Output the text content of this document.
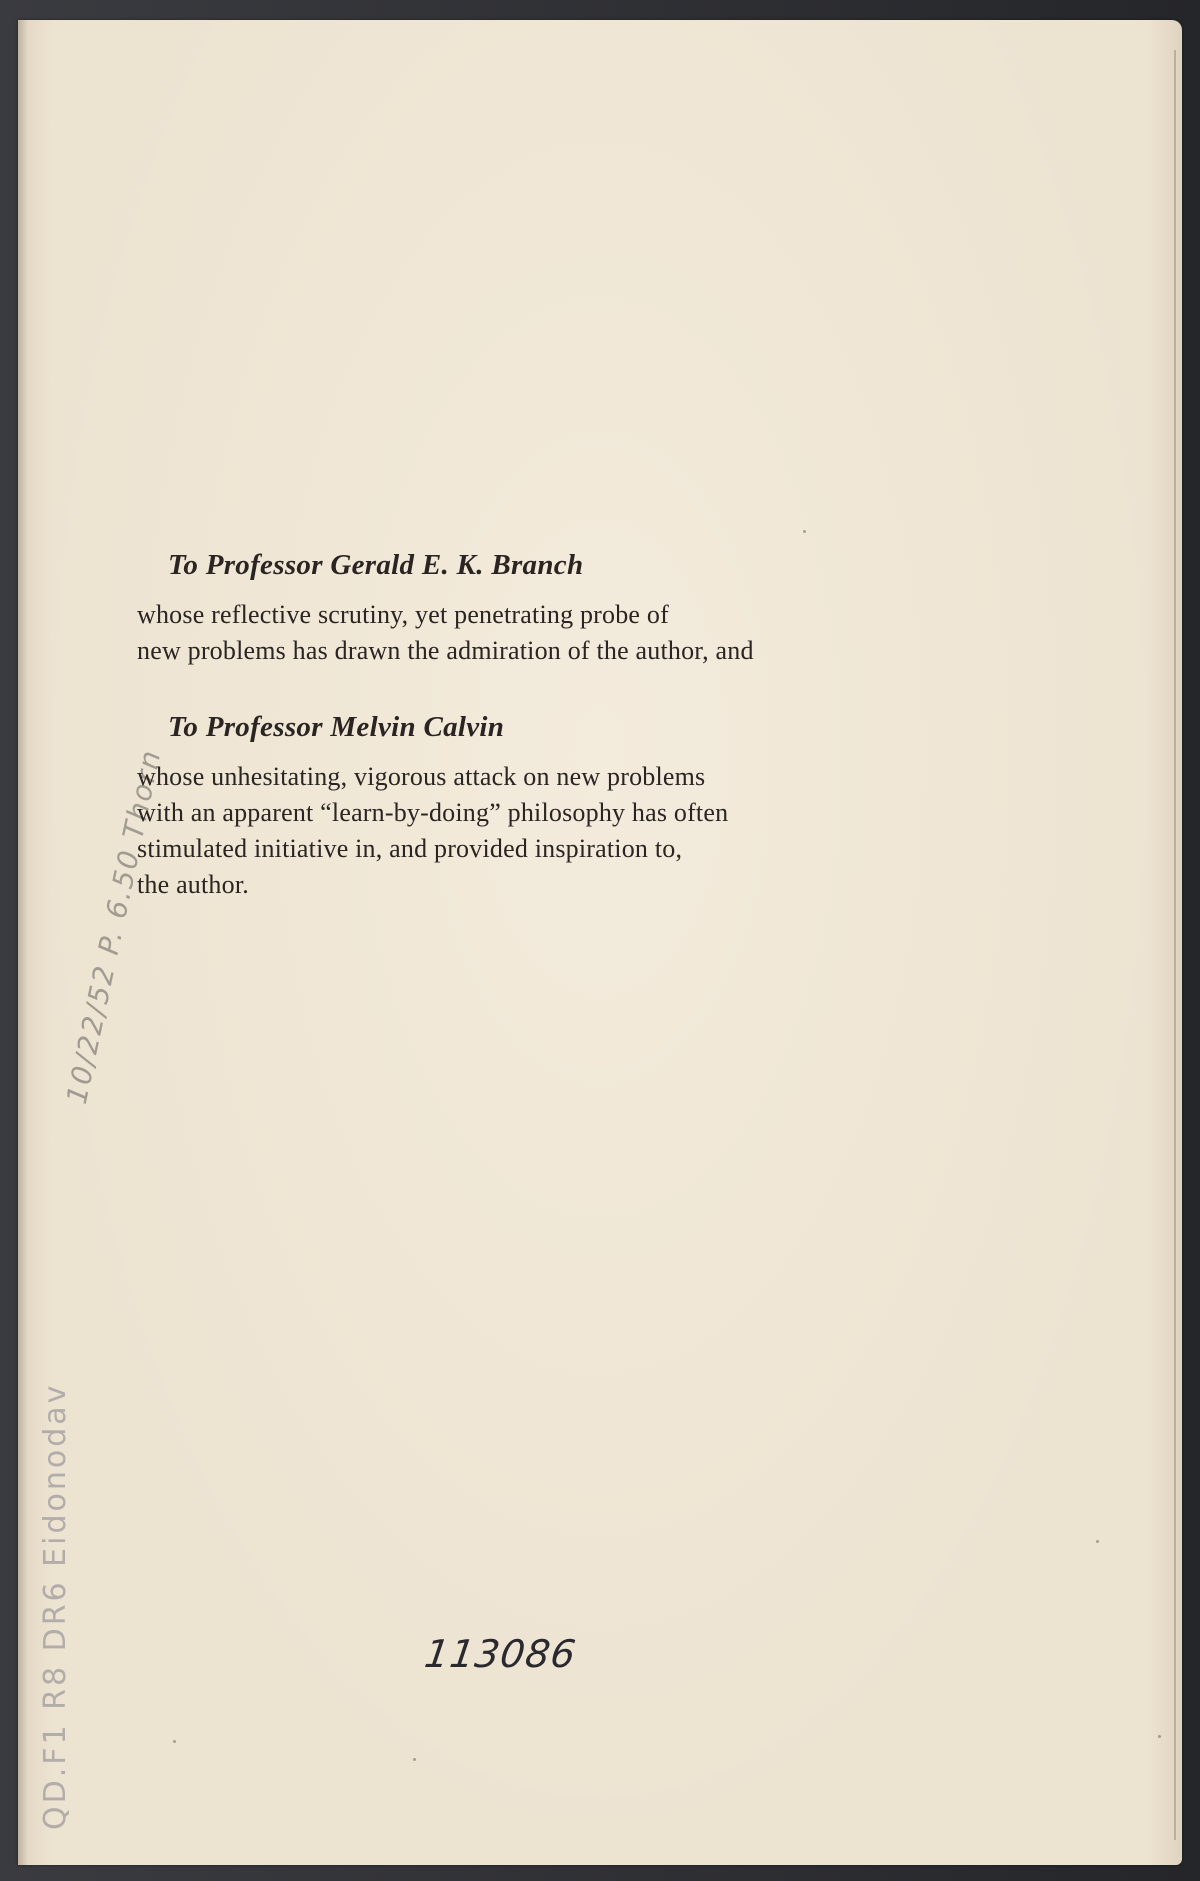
10/22/52 P. 6.50 Thorn
QD.F1 R8 DR6 Eidonodav

To Professor Gerald E. K. Branch

whose reflective scrutiny, yet penetrating probe of

new problems has drawn the admiration of the author, and

To Professor Melvin Calvin

whose unhesitating, vigorous attack on new problems

with an apparent “learn-by-doing” philosophy has often

stimulated initiative in, and provided inspiration to,

the author.

113086
